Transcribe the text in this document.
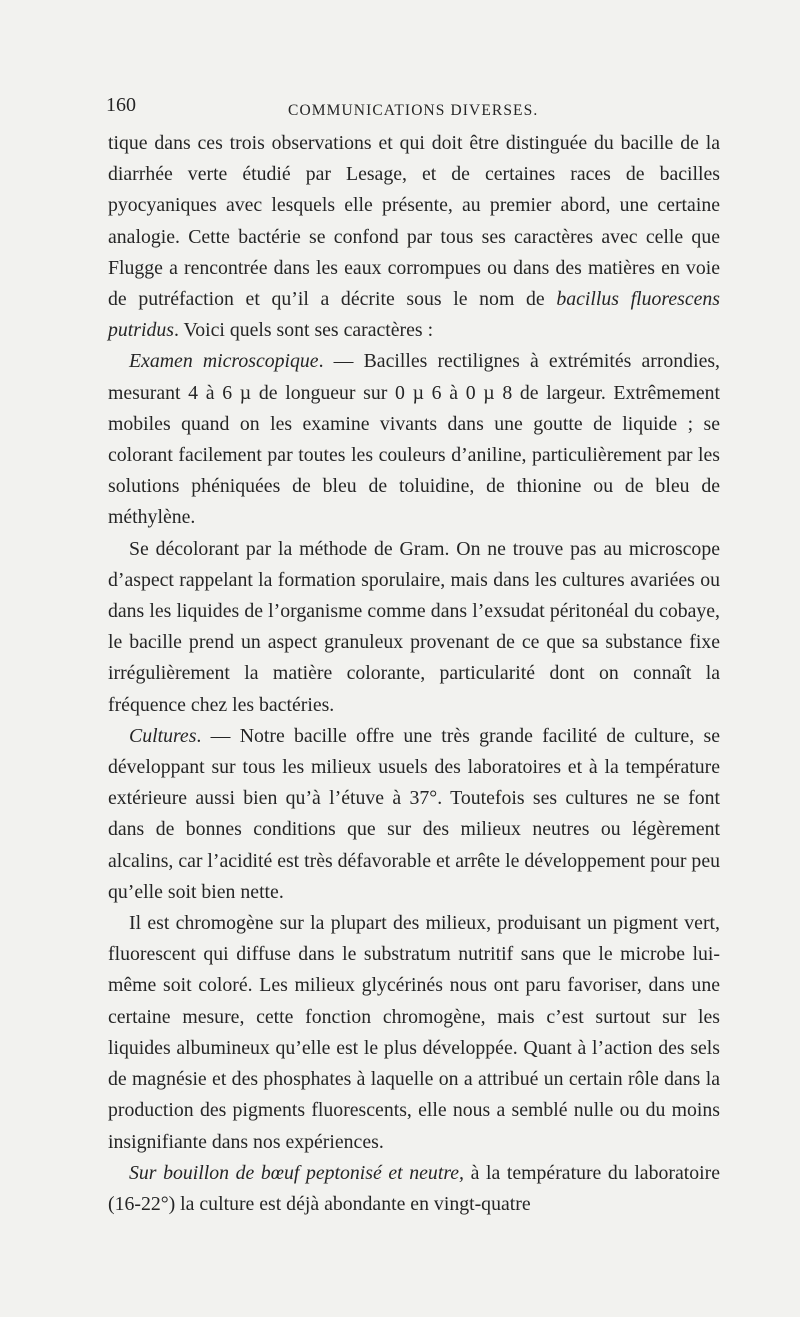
160	COMMUNICATIONS DIVERSES.

tique dans ces trois observations et qui doit être distinguée du bacille de la diarrhée verte étudié par Lesage, et de certaines races de bacilles pyocyaniques avec lesquels elle présente, au premier abord, une certaine analogie. Cette bactérie se confond par tous ses caractères avec celle que Flugge a rencontrée dans les eaux corrompues ou dans des matières en voie de putréfaction et qu’il a décrite sous le nom de bacillus fluorescens putridus. Voici quels sont ses caractères :

Examen microscopique. — Bacilles rectilignes à extrémités arrondies, mesurant 4 à 6 µ de longueur sur 0 µ 6 à 0 µ 8 de largeur. Extrêmement mobiles quand on les examine vivants dans une goutte de liquide ; se colorant facilement par toutes les couleurs d’aniline, particulièrement par les solutions phéniquées de bleu de toluidine, de thionine ou de bleu de méthylène.

Se décolorant par la méthode de Gram. On ne trouve pas au microscope d’aspect rappelant la formation sporulaire, mais dans les cultures avariées ou dans les liquides de l’organisme comme dans l’exsudat péritonéal du cobaye, le bacille prend un aspect granuleux provenant de ce que sa substance fixe irrégulièrement la matière colorante, particularité dont on connaît la fréquence chez les bactéries.

Cultures. — Notre bacille offre une très grande facilité de culture, se développant sur tous les milieux usuels des laboratoires et à la température extérieure aussi bien qu’à l’étuve à 37°. Toutefois ses cultures ne se font dans de bonnes conditions que sur des milieux neutres ou légèrement alcalins, car l’acidité est très défavorable et arrête le développement pour peu qu’elle soit bien nette.

Il est chromogène sur la plupart des milieux, produisant un pigment vert, fluorescent qui diffuse dans le substratum nutritif sans que le microbe lui-même soit coloré. Les milieux glycérinés nous ont paru favoriser, dans une certaine mesure, cette fonction chromogène, mais c’est surtout sur les liquides albumineux qu’elle est le plus développée. Quant à l’action des sels de magnésie et des phosphates à laquelle on a attribué un certain rôle dans la production des pigments fluorescents, elle nous a semblé nulle ou du moins insignifiante dans nos expériences.

Sur bouillon de bœuf peptonisé et neutre, à la température du laboratoire (16-22°) la culture est déjà abondante en vingt-quatre
